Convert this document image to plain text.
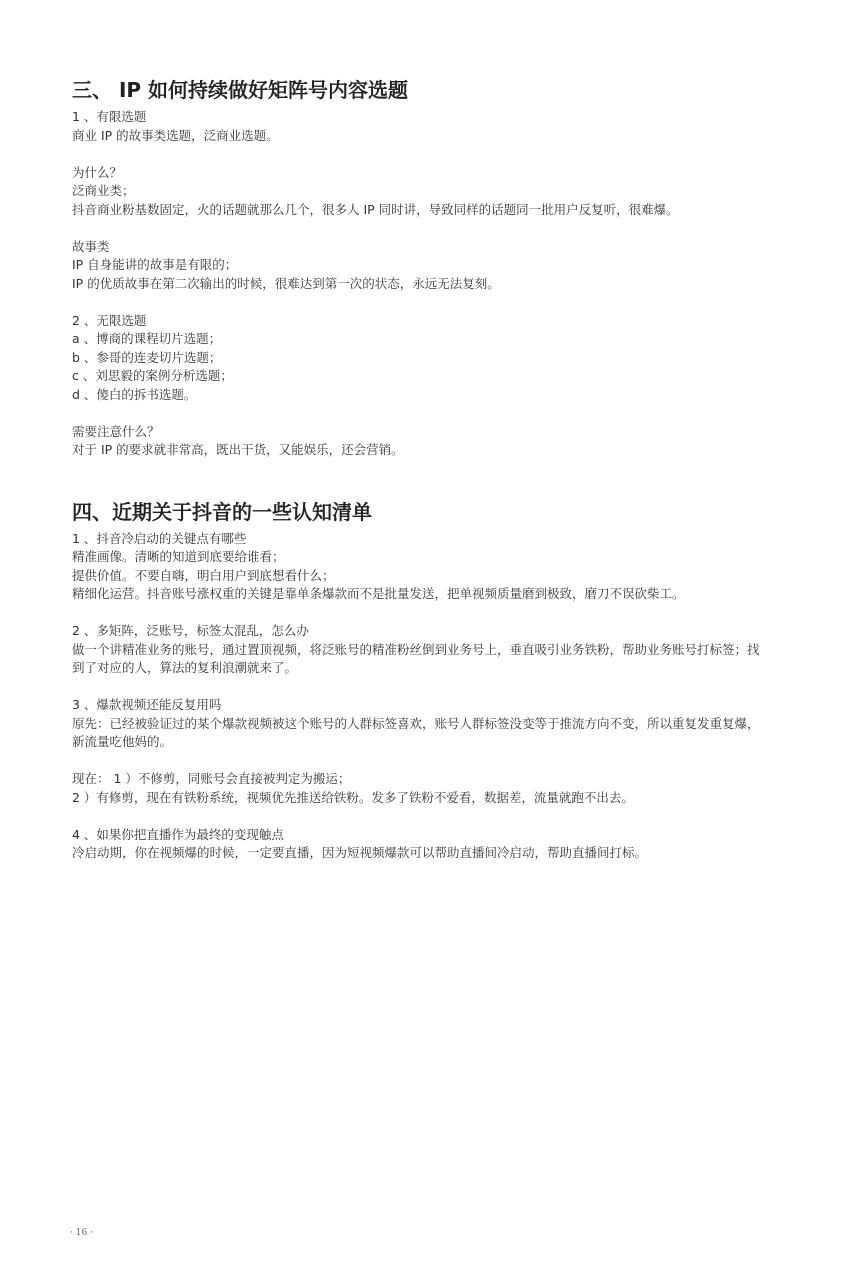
三、 IP 如何持续做好矩阵号内容选题
1 、有限选题
商业 IP 的故事类选题，泛商业选题。
为什么？
泛商业类；
抖音商业粉基数固定，火的话题就那么几个，很多人 IP 同时讲，导致同样的话题同一批用户反复听，很难爆。
故事类
IP 自身能讲的故事是有限的；
IP 的优质故事在第二次输出的时候，很难达到第一次的状态，永远无法复刻。
2 、无限选题
a 、博商的课程切片选题；
b 、参哥的连麦切片选题；
c 、刘思毅的案例分析选题；
d 、傻白的拆书选题。
需要注意什么？
对于 IP 的要求就非常高，既出干货，又能娱乐，还会营销。
四、近期关于抖音的一些认知清单
1 、抖音冷启动的关键点有哪些
精准画像。清晰的知道到底要给谁看；
提供价值。不要自嗨，明白用户到底想看什么；
精细化运营。抖音账号涨权重的关键是靠单条爆款而不是批量发送，把单视频质量磨到极致，磨刀不误砍柴工。
2 、多矩阵，泛账号，标签太混乱，怎么办
做一个讲精准业务的账号，通过置顶视频，将泛账号的精准粉丝倒到业务号上，垂直吸引业务铁粉，帮助业务账号打标签；找
到了对应的人，算法的复利浪潮就来了。
3 、爆款视频还能反复用吗
原先：已经被验证过的某个爆款视频被这个账号的人群标签喜欢，账号人群标签没变等于推流方向不变，所以重复发重复爆，
新流量吃他妈的。
现在： 1 ）不修剪，同账号会直接被判定为搬运；
2 ）有修剪，现在有铁粉系统，视频优先推送给铁粉。发多了铁粉不爱看，数据差，流量就跑不出去。
4 、如果你把直播作为最终的变现触点
冷启动期，你在视频爆的时候，一定要直播，因为短视频爆款可以帮助直播间冷启动，帮助直播间打标。
· 16 ·
